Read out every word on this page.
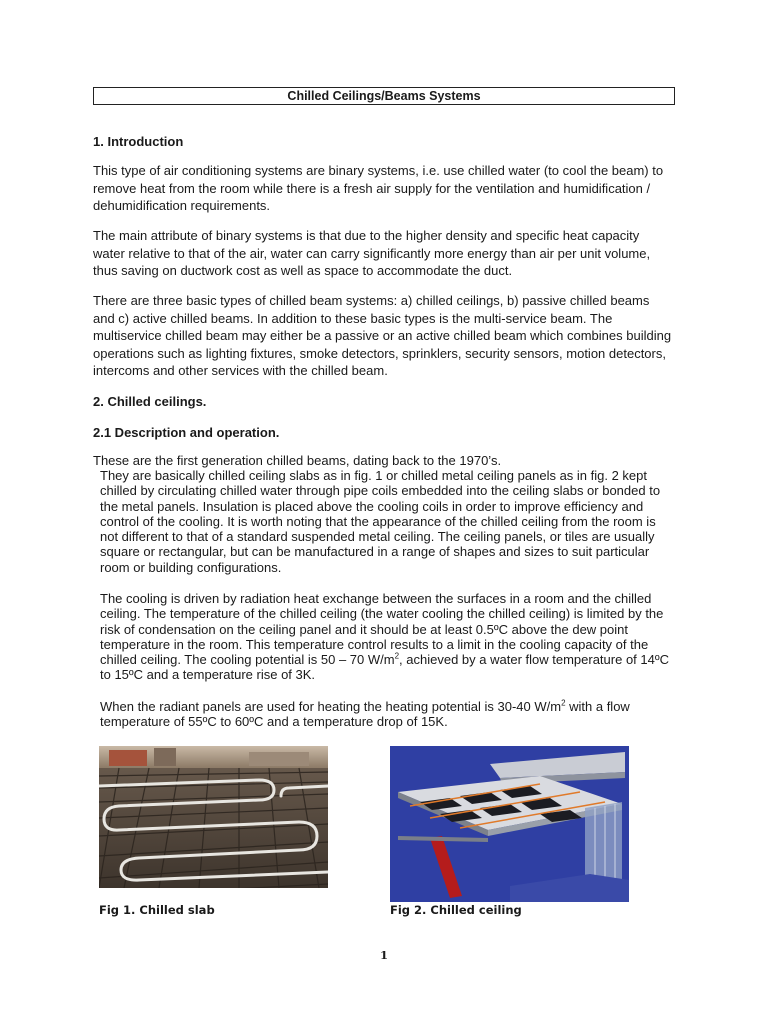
Chilled Ceilings/Beams Systems
1. Introduction

This type of air conditioning systems are binary systems, i.e. use chilled water (to cool the beam) to remove heat from the room while there is a fresh air supply for the ventilation and humidification / dehumidification requirements.

The main attribute of binary systems is that due to the higher density and specific heat capacity water relative to that of the air, water can carry significantly more energy than air per unit volume, thus saving on ductwork cost as well as space to accommodate the duct.

There are three basic types of chilled beam systems: a) chilled ceilings, b) passive chilled beams and c) active chilled beams. In addition to these basic types is the multi-service beam. The multiservice chilled beam may either be a passive or an active chilled beam which combines building operations such as lighting fixtures, smoke detectors, sprinklers, security sensors, motion detectors, intercoms and other services with the chilled beam.

2. Chilled ceilings.
2.1 Description and operation.
These are the first generation chilled beams, dating back to the 1970’s.
They are basically chilled ceiling slabs as in fig. 1 or chilled metal ceiling panels as in fig. 2 kept chilled by circulating chilled water through pipe coils embedded into the ceiling slabs or bonded to the metal panels. Insulation is placed above the cooling coils in order to improve efficiency and control of the cooling. It is worth noting that the appearance of the chilled ceiling from the room is not different to that of a standard suspended metal ceiling. The ceiling panels, or tiles are usually square or rectangular, but can be manufactured in a range of shapes and sizes to suit particular room or building configurations.
The cooling is driven by radiation heat exchange between the surfaces in a room and the chilled ceiling. The temperature of the chilled ceiling (the water cooling the chilled ceiling) is limited by the risk of condensation on the ceiling panel and it should be at least 0.5ºC above the dew point temperature in the room. This temperature control results to a limit in the cooling capacity of the chilled ceiling. The cooling potential is 50 – 70 $W/m^2$, achieved by a water flow temperature of 14ºC to 15ºC and a temperature rise of 3K.
When the radiant panels are used for heating the heating potential is 30-40 $W/m^2$ with a flow temperature of 55ºC to 60ºC and a temperature drop of 15K.
Fig 1. Chilled slab	Fig 2. Chilled ceiling
1
